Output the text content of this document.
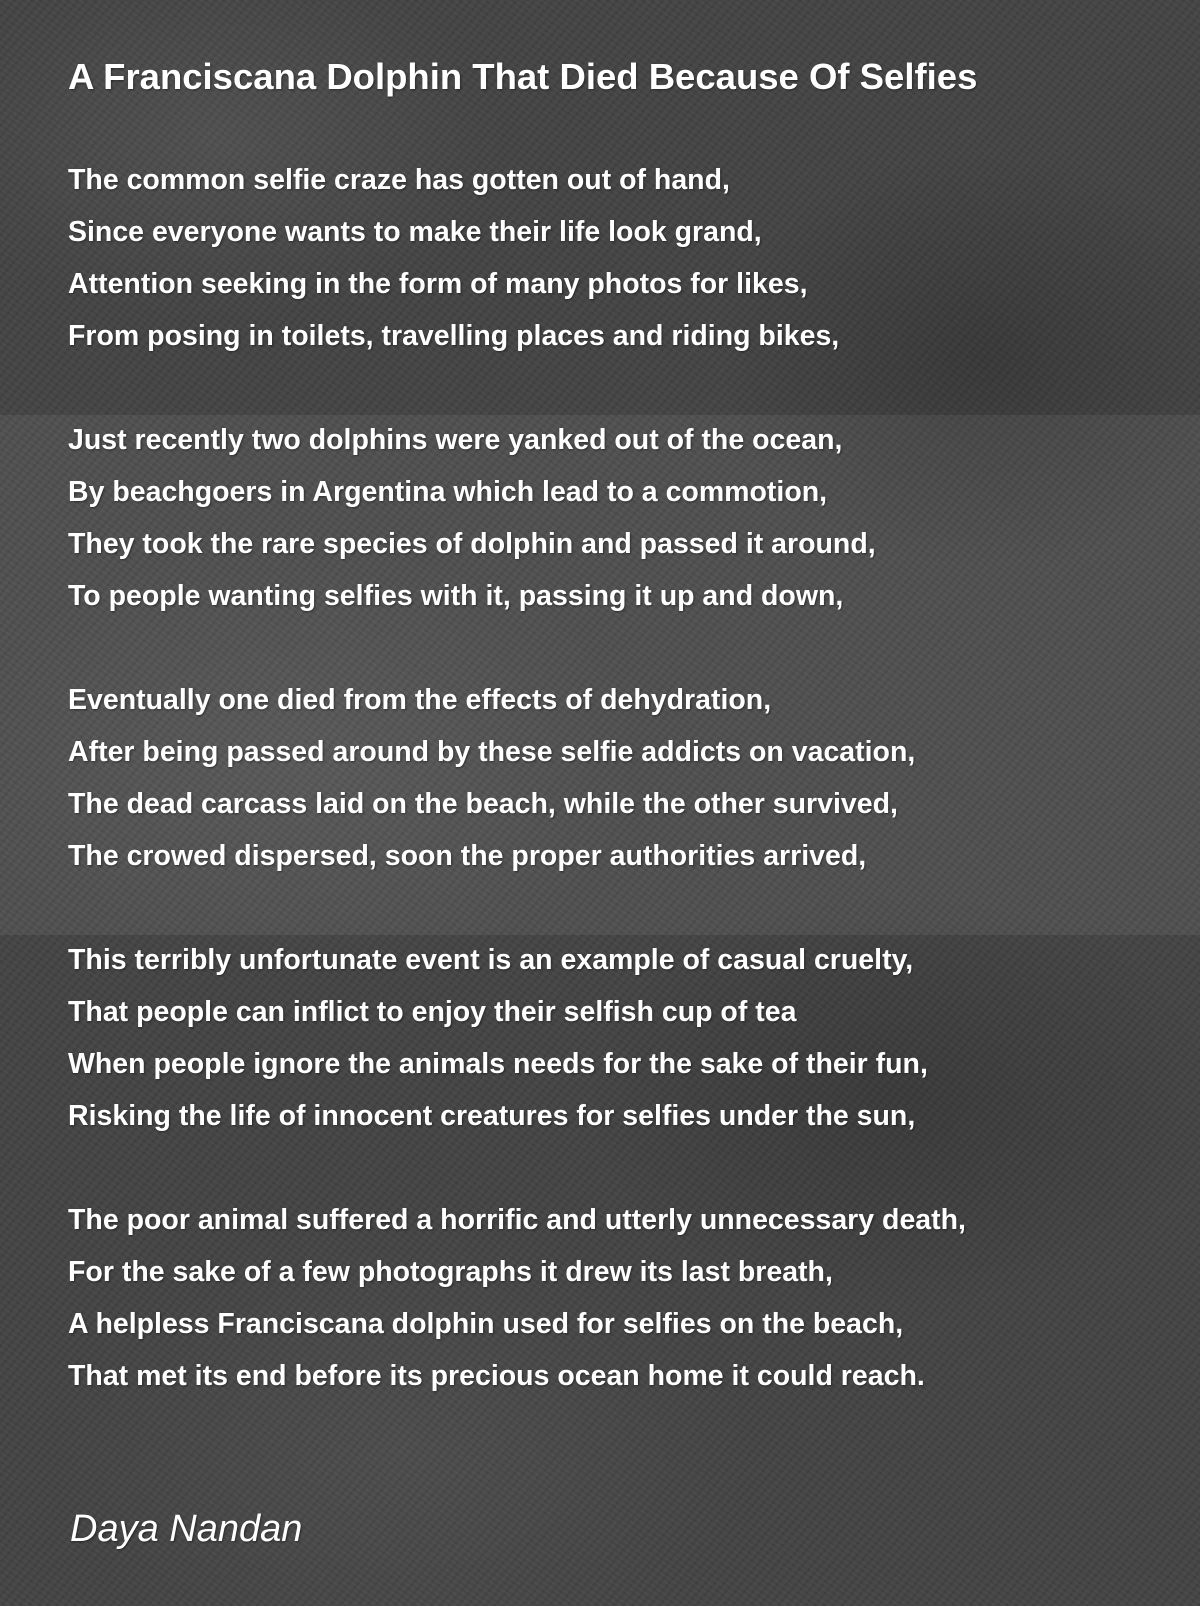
A Franciscana Dolphin That Died Because Of Selfies
The common selfie craze has gotten out of hand,
Since everyone wants to make their life look grand,
Attention seeking in the form of many photos for likes,
From posing in toilets, travelling places and riding bikes,
Just recently two dolphins were yanked out of the ocean,
By beachgoers in Argentina which lead to a commotion,
They took the rare species of dolphin and passed it around,
To people wanting selfies with it, passing it up and down,
Eventually one died from the effects of dehydration,
After being passed around by these selfie addicts on vacation,
The dead carcass laid on the beach, while the other survived,
The crowed dispersed, soon the proper authorities arrived,
This terribly unfortunate event is an example of casual cruelty,
That people can inflict to enjoy their selfish cup of tea
When people ignore the animals needs for the sake of their fun,
Risking the life of innocent creatures for selfies under the sun,
The poor animal suffered a horrific and utterly unnecessary death,
For the sake of a few photographs it drew its last breath,
A helpless Franciscana dolphin used for selfies on the beach,
That met its end before its precious ocean home it could reach.
Daya Nandan
